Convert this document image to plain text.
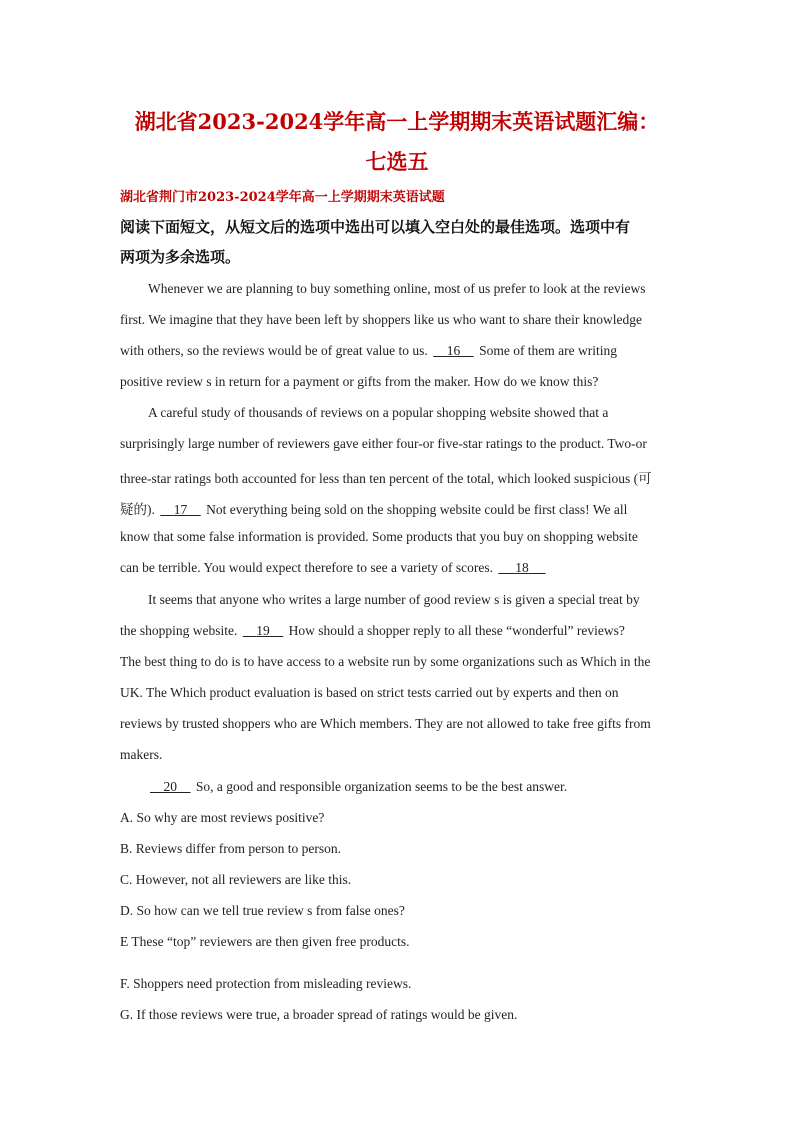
湖北省2023-2024学年高一上学期期末英语试题汇编：
七选五
湖北省荆门市2023-2024学年高一上学期期末英语试题
阅读下面短文，从短文后的选项中选出可以填入空白处的最佳选项。选项中有
两项为多余选项。
Whenever we are planning to buy something online, most of us prefer to look at the reviews
first. We imagine that they have been left by shoppers like us who want to share their knowledge
with others, so the reviews would be of great value to us. 16     Some of them are writing
positive review s in return for a payment or gifts from the maker. How do we know this?
A careful study of thousands of reviews on a popular shopping website showed that a
surprisingly large number of reviewers gave either four-or five-star ratings to the product. Two-or
three-star ratings both accounted for less than ten percent of the total, which looked suspicious (可
疑的). 17     Not everything being sold on the shopping website could be first class! We all
know that some false information is provided. Some products that you buy on shopping website
can be terrible. You would expect therefore to see a variety of scores. 18
It seems that anyone who writes a large number of good review s is given a special treat by
the shopping website. 19     How should a shopper reply to all these “wonderful” reviews?
The best thing to do is to have access to a website run by some organizations such as Which in the
UK. The Which product evaluation is based on strict tests carried out by experts and then on
reviews by trusted shoppers who are Which members. They are not allowed to take free gifts from
makers.
20     So, a good and responsible organization seems to be the best answer.
A. So why are most reviews positive?
B. Reviews differ from person to person.
C. However, not all reviewers are like this.
D. So how can we tell true review s from false ones?
E These “top” reviewers are then given free products.
F. Shoppers need protection from misleading reviews.
G. If those reviews were true, a broader spread of ratings would be given.
